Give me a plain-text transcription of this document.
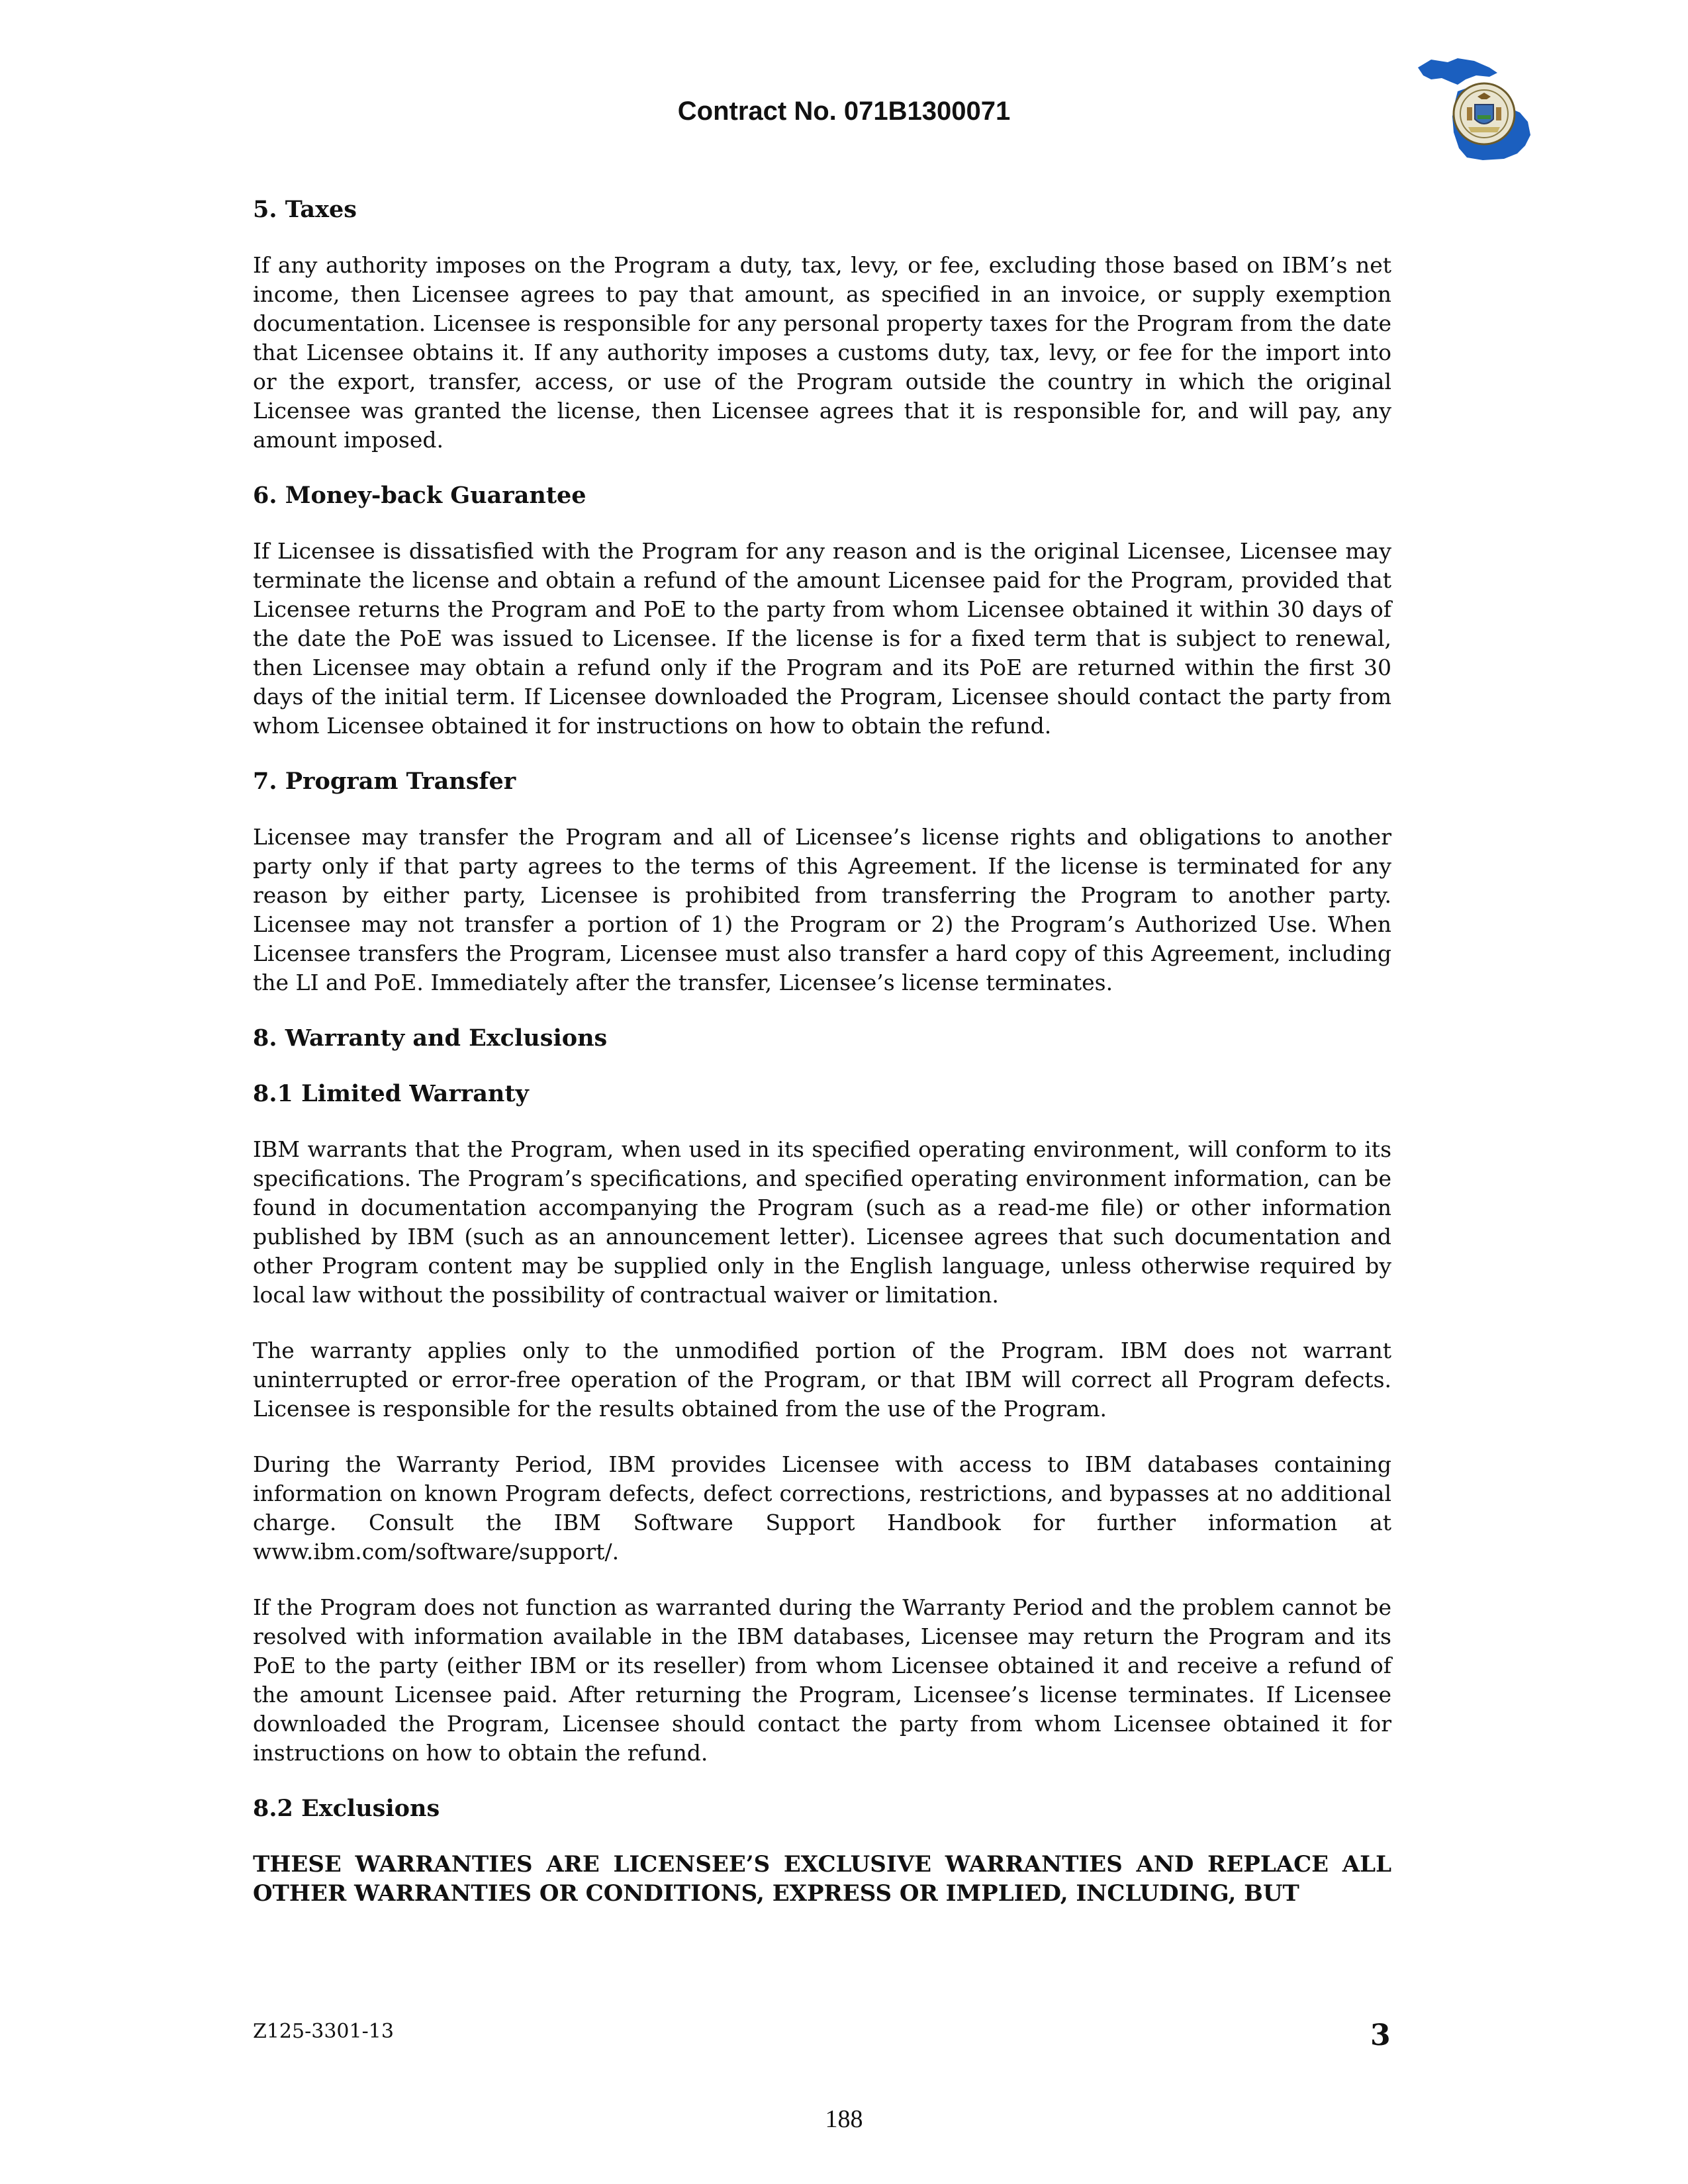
Contract No. 071B1300071
5. Taxes

If any authority imposes on the Program a duty, tax, levy, or fee, excluding those based on IBM’s net income, then Licensee agrees to pay that amount, as specified in an invoice, or supply exemption documentation. Licensee is responsible for any personal property taxes for the Program from the date that Licensee obtains it. If any authority imposes a customs duty, tax, levy, or fee for the import into or the export, transfer, access, or use of the Program outside the country in which the original Licensee was granted the license, then Licensee agrees that it is responsible for, and will pay, any amount imposed.

6. Money-back Guarantee

If Licensee is dissatisfied with the Program for any reason and is the original Licensee, Licensee may terminate the license and obtain a refund of the amount Licensee paid for the Program, provided that Licensee returns the Program and PoE to the party from whom Licensee obtained it within 30 days of the date the PoE was issued to Licensee. If the license is for a fixed term that is subject to renewal, then Licensee may obtain a refund only if the Program and its PoE are returned within the first 30 days of the initial term. If Licensee downloaded the Program, Licensee should contact the party from whom Licensee obtained it for instructions on how to obtain the refund.

7. Program Transfer

Licensee may transfer the Program and all of Licensee’s license rights and obligations to another party only if that party agrees to the terms of this Agreement. If the license is terminated for any reason by either party, Licensee is prohibited from transferring the Program to another party. Licensee may not transfer a portion of 1) the Program or 2) the Program’s Authorized Use. When Licensee transfers the Program, Licensee must also transfer a hard copy of this Agreement, including the LI and PoE. Immediately after the transfer, Licensee’s license terminates.

8. Warranty and Exclusions
8.1 Limited Warranty

IBM warrants that the Program, when used in its specified operating environment, will conform to its specifications. The Program’s specifications, and specified operating environment information, can be found in documentation accompanying the Program (such as a read-me file) or other information published by IBM (such as an announcement letter). Licensee agrees that such documentation and other Program content may be supplied only in the English language, unless otherwise required by local law without the possibility of contractual waiver or limitation.

The warranty applies only to the unmodified portion of the Program. IBM does not warrant uninterrupted or error-free operation of the Program, or that IBM will correct all Program defects. Licensee is responsible for the results obtained from the use of the Program.

During the Warranty Period, IBM provides Licensee with access to IBM databases containing information on known Program defects, defect corrections, restrictions, and bypasses at no additional charge. Consult the IBM Software Support Handbook for further information at www.ibm.com/software/support/.

If the Program does not function as warranted during the Warranty Period and the problem cannot be resolved with information available in the IBM databases, Licensee may return the Program and its PoE to the party (either IBM or its reseller) from whom Licensee obtained it and receive a refund of the amount Licensee paid. After returning the Program, Licensee’s license terminates. If Licensee downloaded the Program, Licensee should contact the party from whom Licensee obtained it for instructions on how to obtain the refund.

8.2 Exclusions

THESE WARRANTIES ARE LICENSEE’S EXCLUSIVE WARRANTIES AND REPLACE ALL OTHER WARRANTIES OR CONDITIONS, EXPRESS OR IMPLIED, INCLUDING, BUT

Z125-3301-13	3
188
